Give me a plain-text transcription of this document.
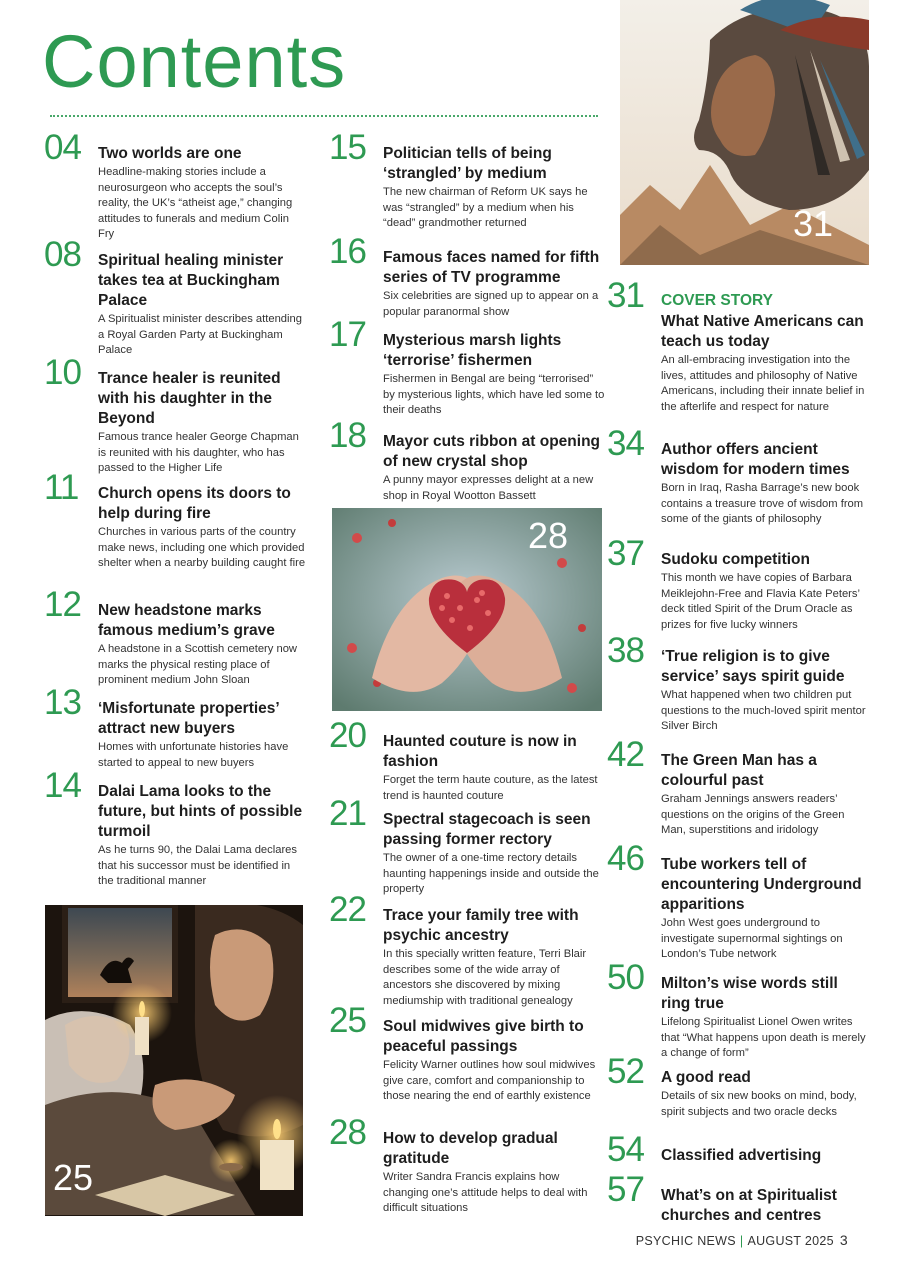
Contents
04 Two worlds are one
Headline-making stories include a neurosurgeon who accepts the soul’s reality, the UK’s “atheist age,” changing attitudes to funerals and medium Colin Fry
08 Spiritual healing minister takes tea at Buckingham Palace
A Spiritualist minister describes attending a Royal Garden Party at Buckingham Palace
10 Trance healer is reunited with his daughter in the Beyond
Famous trance healer George Chapman is reunited with his daughter, who has passed to the Higher Life
11 Church opens its doors to help during fire
Churches in various parts of the country make news, including one which provided shelter when a nearby building caught fire
12 New headstone marks famous medium’s grave
A headstone in a Scottish cemetery now marks the physical resting place of prominent medium John Sloan
13 ‘Misfortunate properties’ attract new buyers
Homes with unfortunate histories have started to appeal to new buyers
14 Dalai Lama looks to the future, but hints of possible turmoil
As he turns 90, the Dalai Lama declares that his successor must be identified in the traditional manner
25
15 Politician tells of being ‘strangled’ by medium
The new chairman of Reform UK says he was “strangled” by a medium when his “dead” grandmother returned
16 Famous faces named for fifth series of TV programme
Six celebrities are signed up to appear on a popular paranormal show
17 Mysterious marsh lights ‘terrorise’ fishermen
Fishermen in Bengal are being “terrorised” by mysterious lights, which have led some to their deaths
18 Mayor cuts ribbon at opening of new crystal shop
A punny mayor expresses delight at a new shop in Royal Wootton Bassett
28
20 Haunted couture is now in fashion
Forget the term haute couture, as the latest trend is haunted couture
21 Spectral stagecoach is seen passing former rectory
The owner of a one-time rectory details haunting happenings inside and outside the property
22 Trace your family tree with psychic ancestry
In this specially written feature, Terri Blair describes some of the wide array of ancestors she discovered by mixing mediumship with traditional genealogy
25 Soul midwives give birth to peaceful passings
Felicity Warner outlines how soul midwives give care, comfort and companionship to those nearing the end of earthly existence
28 How to develop gradual gratitude
Writer Sandra Francis explains how changing one’s attitude helps to deal with difficult situations
31
31 COVER STORY
What Native Americans can teach us today
An all-embracing investigation into the lives, attitudes and philosophy of Native Americans, including their innate belief in the afterlife and respect for nature
34 Author offers ancient wisdom for modern times
Born in Iraq, Rasha Barrage’s new book contains a treasure trove of wisdom from some of the giants of philosophy
37 Sudoku competition
This month we have copies of Barbara Meiklejohn-Free and Flavia Kate Peters’ deck titled Spirit of the Drum Oracle as prizes for five lucky winners
38 ‘True religion is to give service’ says spirit guide
What happened when two children put questions to the much-loved spirit mentor Silver Birch
42 The Green Man has a colourful past
Graham Jennings answers readers’ questions on the origins of the Green Man, superstitions and iridology
46 Tube workers tell of encountering Underground apparitions
John West goes underground to investigate supernormal sightings on London’s Tube network
50 Milton’s wise words still ring true
Lifelong Spiritualist Lionel Owen writes that “What happens upon death is merely a change of form”
52 A good read
Details of six new books on mind, body, spirit subjects and two oracle decks
54 Classified advertising
57 What’s on at Spiritualist churches and centres
PSYCHIC NEWS | AUGUST 2025 3
